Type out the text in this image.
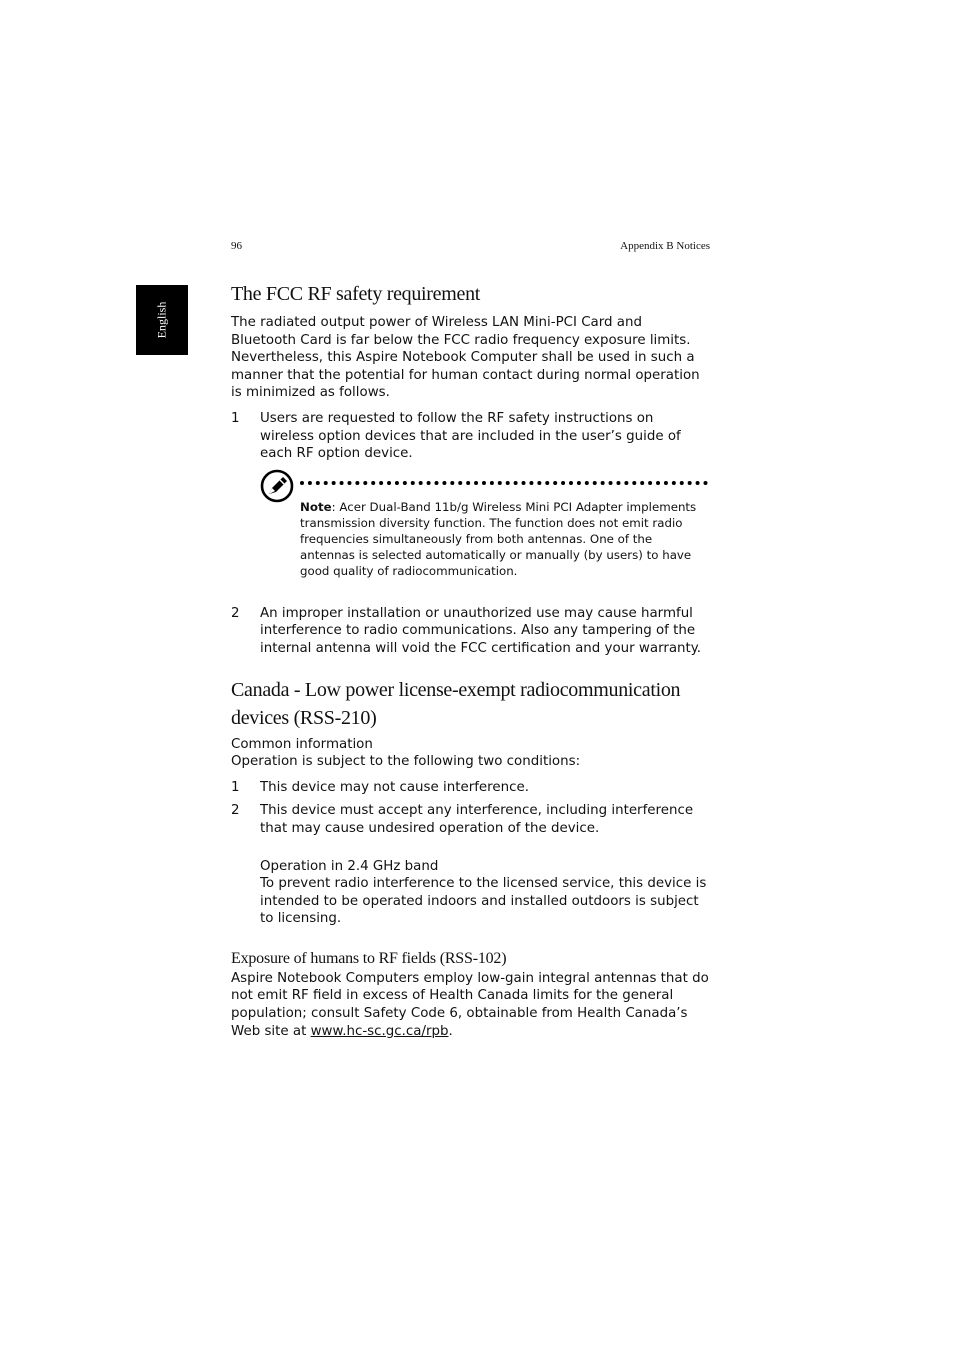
96	Appendix B Notices
English
The FCC RF safety requirement

The radiated output power of Wireless LAN Mini-PCI Card and Bluetooth Card is far below the FCC radio frequency exposure limits. Nevertheless, this Aspire Notebook Computer shall be used in such a manner that the potential for human contact during normal operation is minimized as follows.

1 Users are requested to follow the RF safety instructions on wireless option devices that are included in the user’s guide of each RF option device.
Note: Acer Dual-Band 11b/g Wireless Mini PCI Adapter implements transmission diversity function. The function does not emit radio frequencies simultaneously from both antennas. One of the antennas is selected automatically or manually (by users) to have good quality of radiocommunication.
2 An improper installation or unauthorized use may cause harmful interference to radio communications. Also any tampering of the internal antenna will void the FCC certification and your warranty.
Canada - Low power license-exempt radiocommunication devices (RSS-210)

Common information

Operation is subject to the following two conditions:

1 This device may not cause interference.
2 This device must accept any interference, including interference that may cause undesired operation of the device.

Operation in 2.4 GHz band

To prevent radio interference to the licensed service, this device is intended to be operated indoors and installed outdoors is subject to licensing.

Exposure of humans to RF fields (RSS-102)

Aspire Notebook Computers employ low-gain integral antennas that do not emit RF field in excess of Health Canada limits for the general population; consult Safety Code 6, obtainable from Health Canada’s Web site at www.hc-sc.gc.ca/rpb.
